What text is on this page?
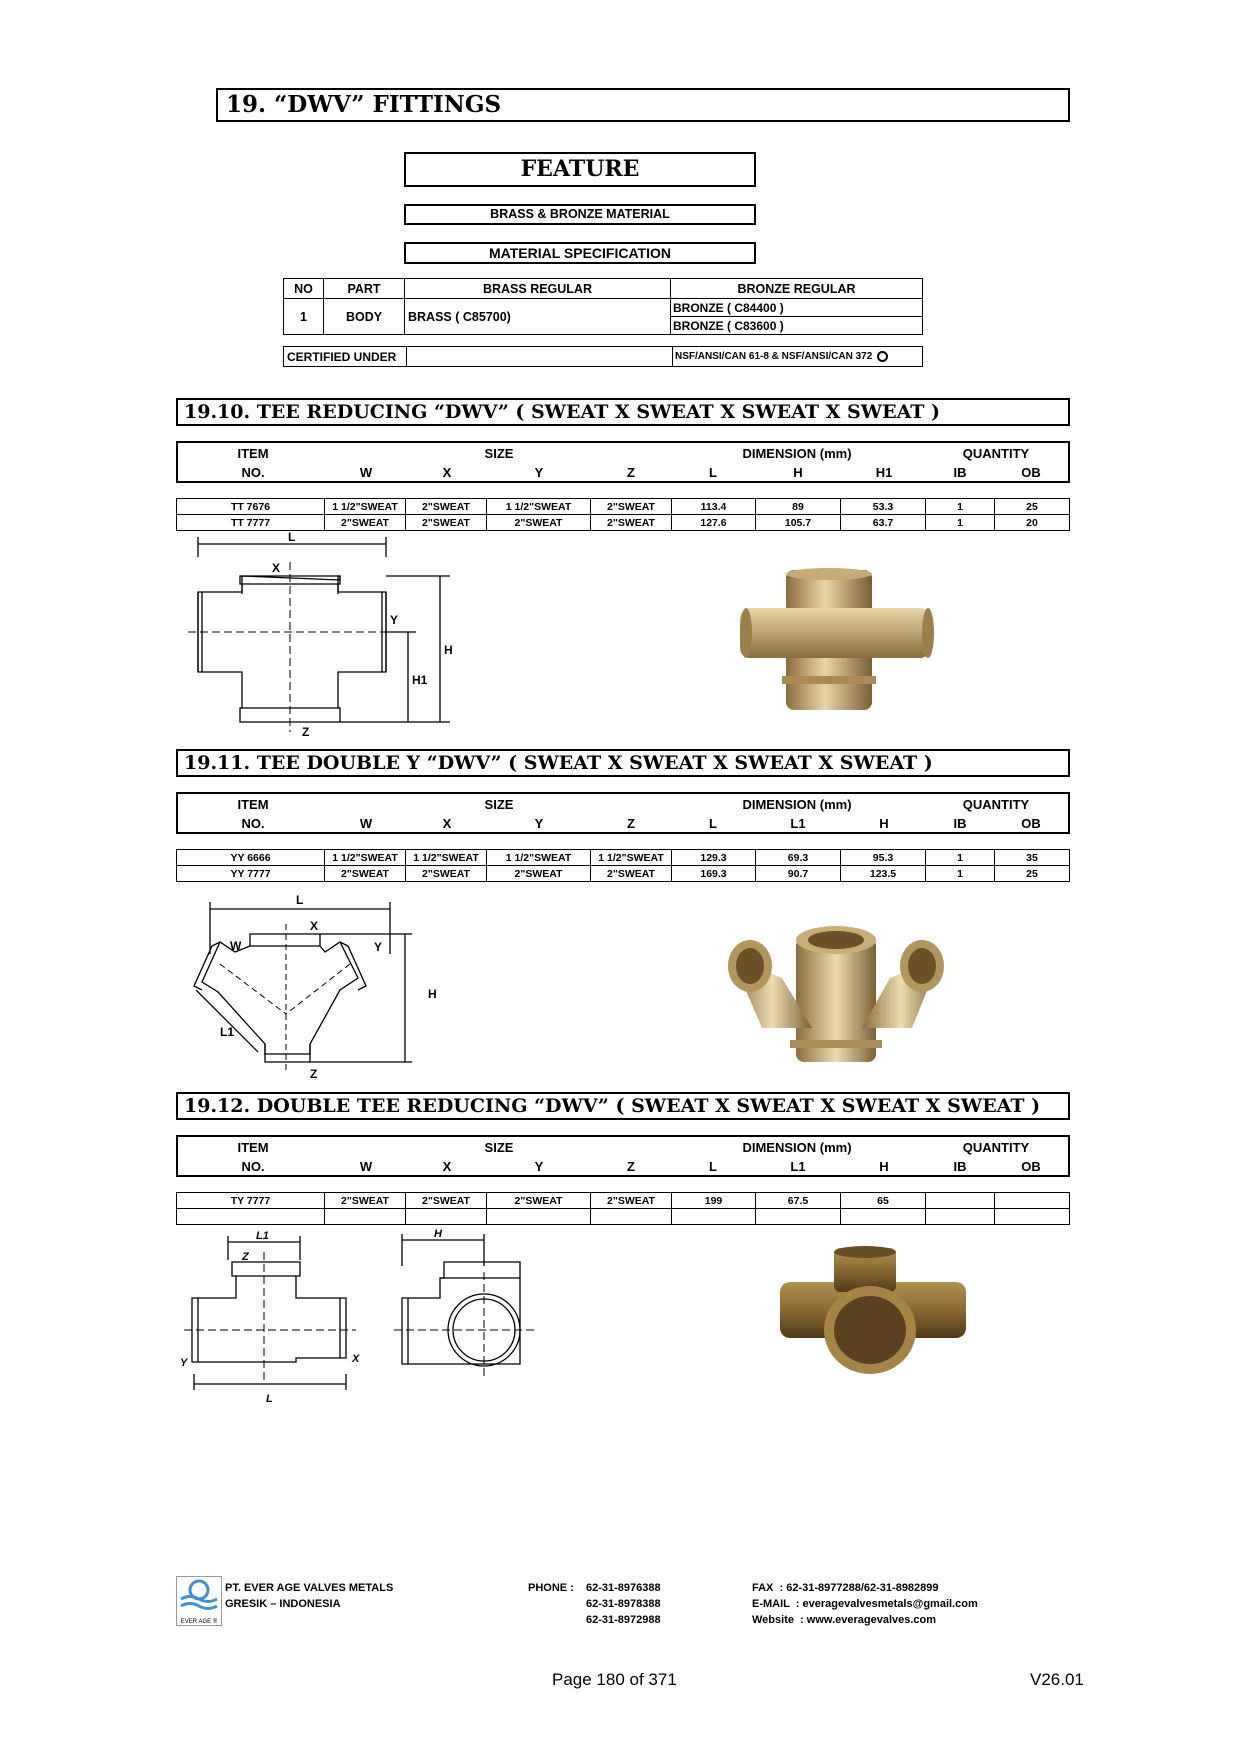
19. “DWV” FITTINGS
FEATURE
BRASS & BRONZE MATERIAL
MATERIAL SPECIFICATION
NO	PART	BRASS REGULAR	BRONZE REGULAR
1	BODY	BRASS ( C85700)	BRONZE ( C84400 )
			BRONZE ( C83600 )
CERTIFIED UNDER		NSF/ANSI/CAN 61-8 & NSF/ANSI/CAN 372
19.10. TEE REDUCING “DWV” ( SWEAT X SWEAT X SWEAT X SWEAT )
ITEM
NO.
SIZE	DIMENSION (mm)	QUANTITY
W	X	Y	Z	L	H	H1	IB	OB
TT 7676	1 1/2"SWEAT	2"SWEAT	1 1/2"SWEAT	2"SWEAT	113.4	89	53.3	1	25
TT 7777	2"SWEAT	2"SWEAT	2"SWEAT	2"SWEAT	127.6	105.7	63.7	1	20
L
X
Y
H
H1
Z
19.11. TEE DOUBLE Y “DWV” ( SWEAT X SWEAT X SWEAT X SWEAT )
ITEM
NO.
SIZE	DIMENSION (mm)	QUANTITY
W	X	Y	Z	L	L1	H	IB	OB
YY 6666	1 1/2"SWEAT	1 1/2"SWEAT	1 1/2"SWEAT	1 1/2"SWEAT	129.3	69.3	95.3	1	35
YY 7777	2"SWEAT	2"SWEAT	2"SWEAT	2"SWEAT	169.3	90.7	123.5	1	25
L
X
W	Y
H
L1
Z
19.12. DOUBLE TEE REDUCING “DWV” ( SWEAT X SWEAT X SWEAT X SWEAT )
ITEM
NO.
SIZE	DIMENSION (mm)	QUANTITY
W	X	Y	Z	L	L1	H	IB	OB
TY 7777	2"SWEAT	2"SWEAT	2"SWEAT	2"SWEAT	199	67.5	65		

L1
Z
Y	X
L
H
EVER AGE ®
PT. EVER AGE VALVES METALS
GRESIK – INDONESIA
PHONE : 62-31-8976388
62-31-8978388
62-31-8972988
FAX  : 62-31-8977288/62-31-8982899
E-MAIL  : everagevalvesmetals@gmail.com
Website  : www.everagevalves.com
Page 180 of 371	V26.01
